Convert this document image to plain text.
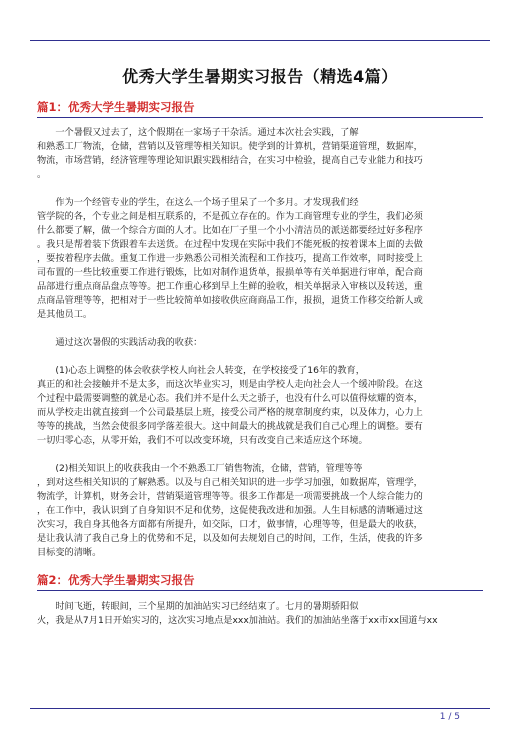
优秀大学生暑期实习报告（精选4篇）
篇1：优秀大学生暑期实习报告
　　一个暑假又过去了，这个假期在一家场子干杂活。通过本次社会实践，了解
和熟悉工厂物流，仓储，营销以及管理等相关知识。使学到的计算机，营销渠道管理，数据库，
物流，市场营销，经济管理等理论知识跟实践相结合，在实习中检验，提高自己专业能力和技巧
。
　　作为一个经管专业的学生，在这么一个场子里呆了一个多月。才发现我们经
管学院的各，个专业之间是相互联系的，不是孤立存在的。作为工商管理专业的学生，我们必须
什么都要了解，做一个综合方面的人才。比如在厂子里一个小小清洁员的派送都要经过好多程序
。我只是帮着装下货跟着车去送货。在过程中发现在实际中我们不能死板的按着课本上面的去做
，要按着程序去做。重复工作进一步熟悉公司相关流程和工作技巧，提高工作效率，同时接受上
司布置的一些比较重要工作进行锻炼，比如对制作退货单，报损单等有关单据进行审单，配合商
品部进行重点商品盘点等等。把工作重心移到早上生鲜的验收，相关单据录入审核以及转送，重
点商品管理等等，把相对于一些比较简单如接收供应商商品工作，报损，退货工作移交给新人或
是其他员工。
　　通过这次暑假的实践活动我的收获：
　　(1)心态上调整的体会收获学校人向社会人转变，在学校接受了16年的教育，
真正的和社会接触并不是太多，而这次毕业实习，则是由学校人走向社会人一个缓冲阶段。在这
个过程中最需要调整的就是心态。我们并不是什么天之骄子，也没有什么可以值得炫耀的资本，
而从学校走出就直接到一个公司最基层上班，接受公司严格的规章制度约束，以及体力，心力上
等等的挑战，当然会使很多同学落差很大。这中间最大的挑战就是我们自己心理上的调整。要有
一切归零心态，从零开始，我们不可以改变环境，只有改变自己来适应这个环境。
　　(2)相关知识上的收获我由一个不熟悉工厂销售物流，仓储，营销，管理等等
，到对这些相关知识的了解熟悉。以及与自己相关知识的进一步学习加强，如数据库，管理学，
物流学，计算机，财务会计，营销渠道管理等等。很多工作都是一项需要挑战一个人综合能力的
，在工作中，我认识到了自身知识不足和优势，这促使我改进和加强。人生目标感的清晰通过这
次实习，我自身其他各方面都有所提升，如交际，口才，做事情，心理等等，但是最大的收获，
是让我认清了我自己身上的优势和不足，以及如何去规划自己的时间，工作，生活，使我的许多
目标变的清晰。
篇2：优秀大学生暑期实习报告
　　时间飞逝，转眼间，三个星期的加油站实习已经结束了。七月的暑期骄阳似
火，我是从7月1日开始实习的，这次实习地点是xxx加油站。我们的加油站坐落于xx市xx国道与xx
1 / 5
